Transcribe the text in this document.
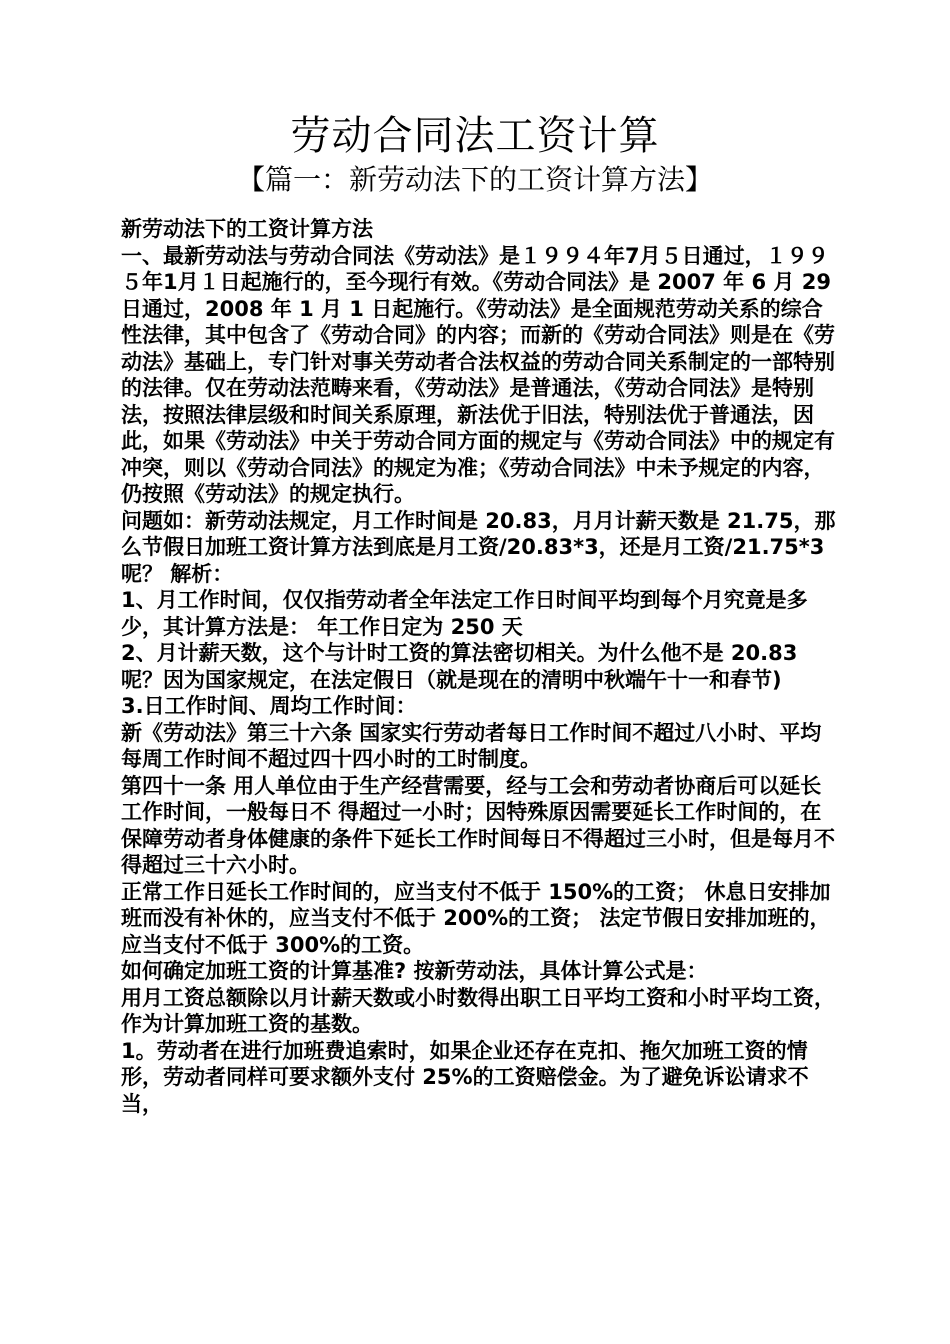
劳动合同法工资计算
【篇一：新劳动法下的工资计算方法】

新劳动法下的工资计算方法

一、最新劳动法与劳动合同法《劳动法》是１９９４年7月５日通过，１９９５年1月１日起施行的，至今现行有效。《劳动合同法》是 2007 年 6 月 29 日通过，2008 年 1 月 1 日起施行。《劳动法》是全面规范劳动关系的综合性法律，其中包含了《劳动合同》的内容；而新的《劳动合同法》则是在《劳动法》基础上，专门针对事关劳动者合法权益的劳动合同关系制定的一部特别的法律。仅在劳动法范畴来看，《劳动法》是普通法，《劳动合同法》是特别法，按照法律层级和时间关系原理，新法优于旧法，特别法优于普通法，因此，如果《劳动法》中关于劳动合同方面的规定与《劳动合同法》中的规定有冲突，则以《劳动合同法》的规定为准；《劳动合同法》中未予规定的内容，仍按照《劳动法》的规定执行。

问题如：新劳动法规定，月工作时间是 20.83，月月计薪天数是 21.75，那么节假日加班工资计算方法到底是月工资/20.83*3，还是月工资/21.75*3 呢？ 解析：

1、月工作时间，仅仅指劳动者全年法定工作日时间平均到每个月究竟是多少，其计算方法是： 年工作日定为 250 天

2、月计薪天数，这个与计时工资的算法密切相关。为什么他不是 20.83 呢？因为国家规定，在法定假日（就是现在的清明中秋端午十一和春节)

3.日工作时间、周均工作时间：

新《劳动法》第三十六条 国家实行劳动者每日工作时间不超过八小时、平均每周工作时间不超过四十四小时的工时制度。

第四十一条 用人单位由于生产经营需要，经与工会和劳动者协商后可以延长工作时间，一般每日不 得超过一小时；因特殊原因需要延长工作时间的，在保障劳动者身体健康的条件下延长工作时间每日不得超过三小时，但是每月不得超过三十六小时。

正常工作日延长工作时间的，应当支付不低于 150%的工资； 休息日安排加班而没有补休的，应当支付不低于 200%的工资； 法定节假日安排加班的，应当支付不低于 300%的工资。

如何确定加班工资的计算基准? 按新劳动法，具体计算公式是：

用月工资总额除以月计薪天数或小时数得出职工日平均工资和小时平均工资，作为计算加班工资的基数。

1。劳动者在进行加班费追索时，如果企业还存在克扣、拖欠加班工资的情形，劳动者同样可要求额外支付 25%的工资赔偿金。为了避免诉讼请求不当，
